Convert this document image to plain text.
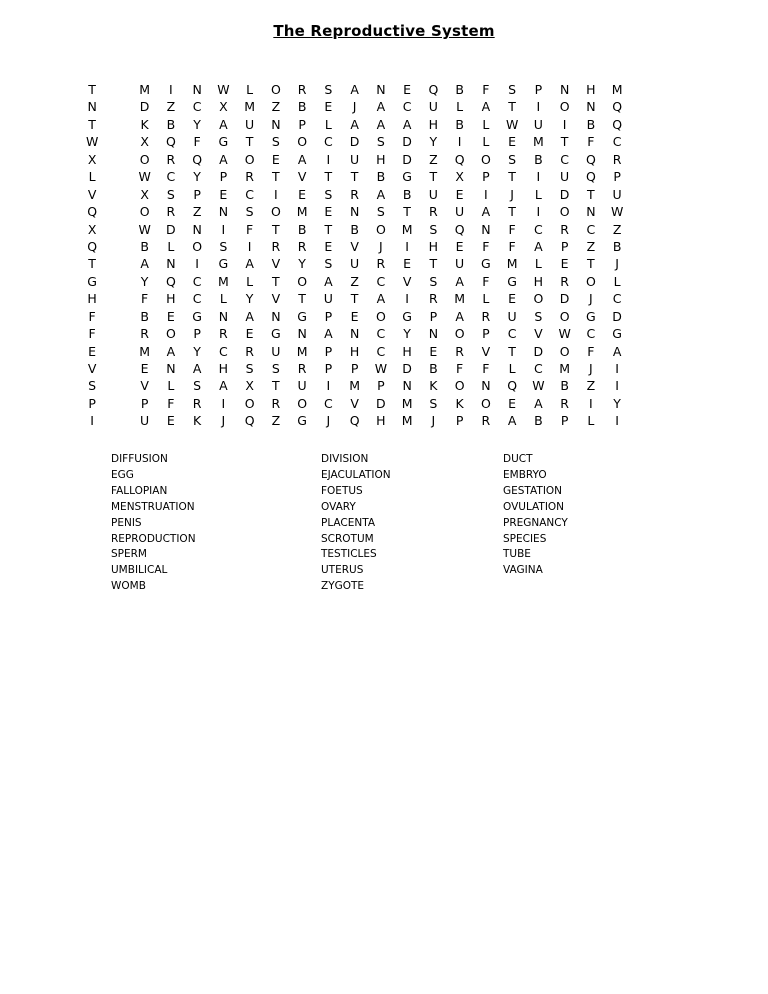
The Reproductive System
T	M	I	N	W	L	O	R	S	A	N	E	Q	B	F	S	P	N	H	M
N	D	Z	C	X	M	Z	B	E	J	A	C	U	L	A	T	I	O	N	Q
T	K	B	Y	A	U	N	P	L	A	A	A	H	B	L	W	U	I	B	Q
W	X	Q	F	G	T	S	O	C	D	S	D	Y	I	L	E	M	T	F	C
X	O	R	Q	A	O	E	A	I	U	H	D	Z	Q	O	S	B	C	Q	R
L	W	C	Y	P	R	T	V	T	T	B	G	T	X	P	T	I	U	Q	P
V	X	S	P	E	C	I	E	S	R	A	B	U	E	I	J	L	D	T	U
Q	O	R	Z	N	S	O	M	E	N	S	T	R	U	A	T	I	O	N	W
X	W	D	N	I	F	T	B	T	B	O	M	S	Q	N	F	C	R	C	Z
Q	B	L	O	S	I	R	R	E	V	J	I	H	E	F	F	A	P	Z	B
T	A	N	I	G	A	V	Y	S	U	R	E	T	U	G	M	L	E	T	J
G	Y	Q	C	M	L	T	O	A	Z	C	V	S	A	F	G	H	R	O	L
H	F	H	C	L	Y	V	T	U	T	A	I	R	M	L	E	O	D	J	C
F	B	E	G	N	A	N	G	P	E	O	G	P	A	R	U	S	O	G	D
F	R	O	P	R	E	G	N	A	N	C	Y	N	O	P	C	V	W	C	G
E	M	A	Y	C	R	U	M	P	H	C	H	E	R	V	T	D	O	F	A
V	E	N	A	H	S	S	R	P	P	W	D	B	F	F	L	C	M	J	I
S	V	L	S	A	X	T	U	I	M	P	N	K	O	N	Q	W	B	Z	I
P	P	F	R	I	O	R	O	C	V	D	M	S	K	O	E	A	R	I	Y
I	U	E	K	J	Q	Z	G	J	Q	H	M	J	P	R	A	B	P	L	I
DIFFUSION
EGG
FALLOPIAN
MENSTRUATION
PENIS
REPRODUCTION
SPERM
UMBILICAL
WOMB
DIVISION
EJACULATION
FOETUS
OVARY
PLACENTA
SCROTUM
TESTICLES
UTERUS
ZYGOTE
DUCT
EMBRYO
GESTATION
OVULATION
PREGNANCY
SPECIES
TUBE
VAGINA
